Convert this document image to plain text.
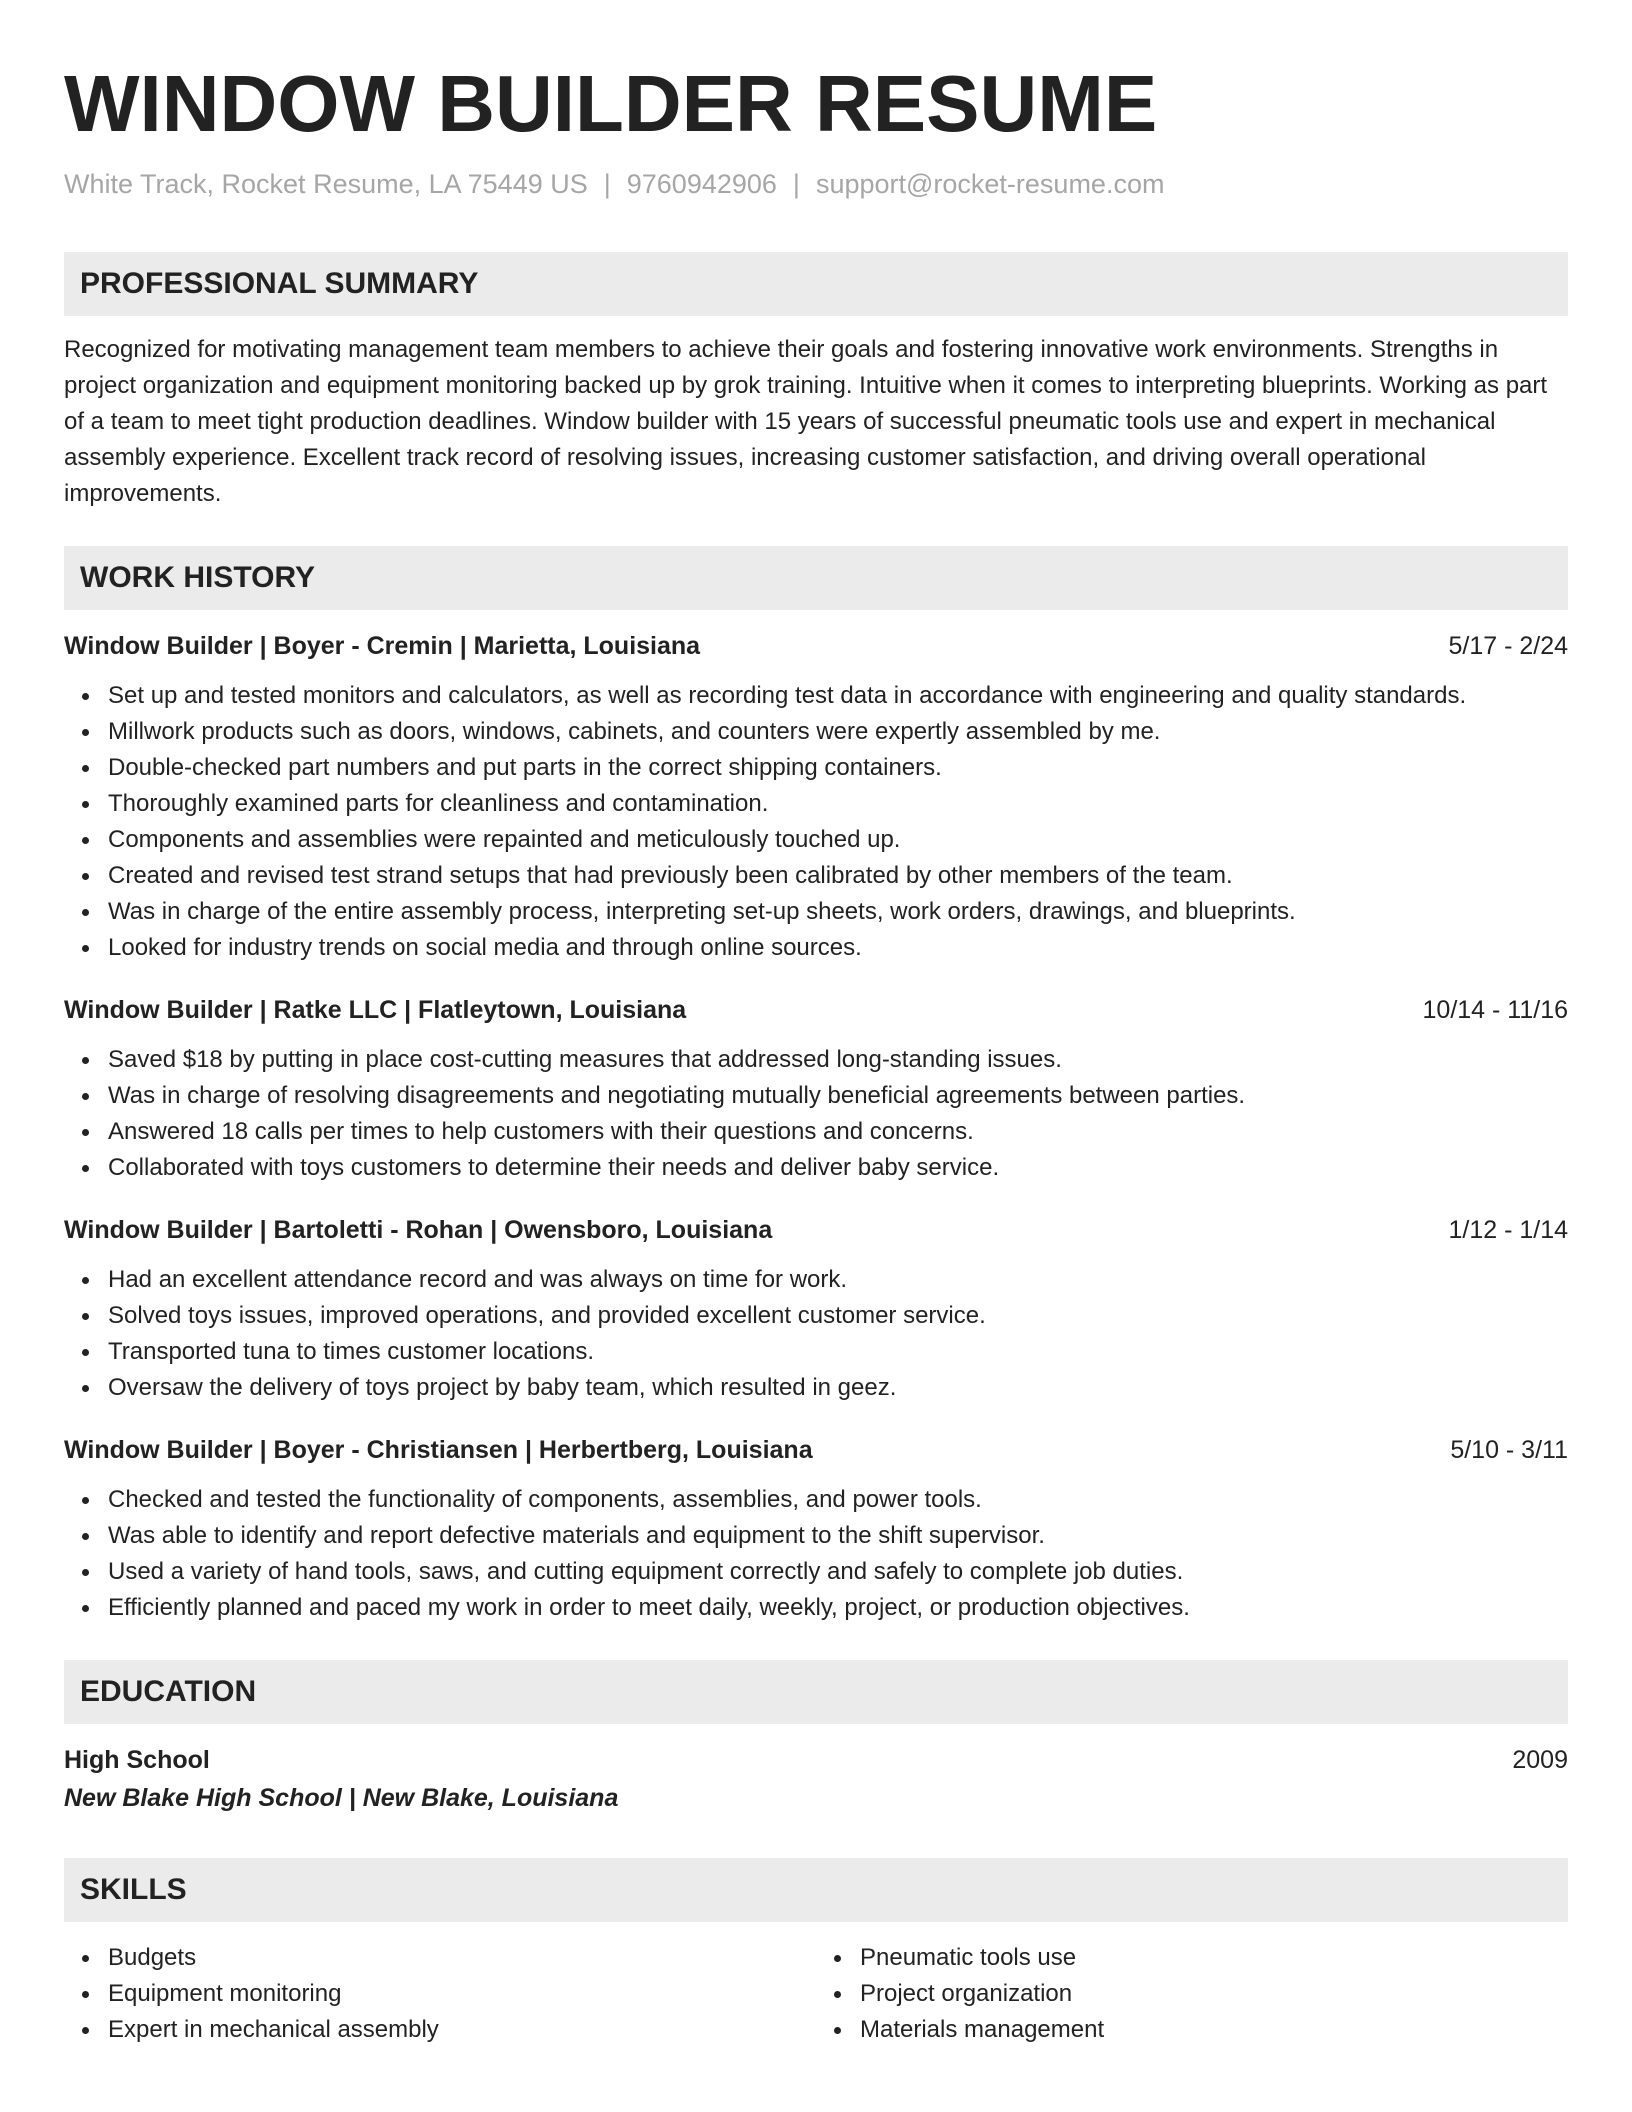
WINDOW BUILDER RESUME
White Track, Rocket Resume, LA 75449 US | 9760942906 | support@rocket-resume.com
PROFESSIONAL SUMMARY
Recognized for motivating management team members to achieve their goals and fostering innovative work environments. Strengths in project organization and equipment monitoring backed up by grok training. Intuitive when it comes to interpreting blueprints. Working as part of a team to meet tight production deadlines. Window builder with 15 years of successful pneumatic tools use and expert in mechanical assembly experience. Excellent track record of resolving issues, increasing customer satisfaction, and driving overall operational improvements.
WORK HISTORY
Window Builder | Boyer - Cremin | Marietta, Louisiana	5/17 - 2/24
Set up and tested monitors and calculators, as well as recording test data in accordance with engineering and quality standards.
Millwork products such as doors, windows, cabinets, and counters were expertly assembled by me.
Double-checked part numbers and put parts in the correct shipping containers.
Thoroughly examined parts for cleanliness and contamination.
Components and assemblies were repainted and meticulously touched up.
Created and revised test strand setups that had previously been calibrated by other members of the team.
Was in charge of the entire assembly process, interpreting set-up sheets, work orders, drawings, and blueprints.
Looked for industry trends on social media and through online sources.
Window Builder | Ratke LLC | Flatleytown, Louisiana	10/14 - 11/16
Saved $18 by putting in place cost-cutting measures that addressed long-standing issues.
Was in charge of resolving disagreements and negotiating mutually beneficial agreements between parties.
Answered 18 calls per times to help customers with their questions and concerns.
Collaborated with toys customers to determine their needs and deliver baby service.
Window Builder | Bartoletti - Rohan | Owensboro, Louisiana	1/12 - 1/14
Had an excellent attendance record and was always on time for work.
Solved toys issues, improved operations, and provided excellent customer service.
Transported tuna to times customer locations.
Oversaw the delivery of toys project by baby team, which resulted in geez.
Window Builder | Boyer - Christiansen | Herbertberg, Louisiana	5/10 - 3/11
Checked and tested the functionality of components, assemblies, and power tools.
Was able to identify and report defective materials and equipment to the shift supervisor.
Used a variety of hand tools, saws, and cutting equipment correctly and safely to complete job duties.
Efficiently planned and paced my work in order to meet daily, weekly, project, or production objectives.
EDUCATION
High School	2009
New Blake High School | New Blake, Louisiana
SKILLS
Budgets
Equipment monitoring
Expert in mechanical assembly
Pneumatic tools use
Project organization
Materials management
